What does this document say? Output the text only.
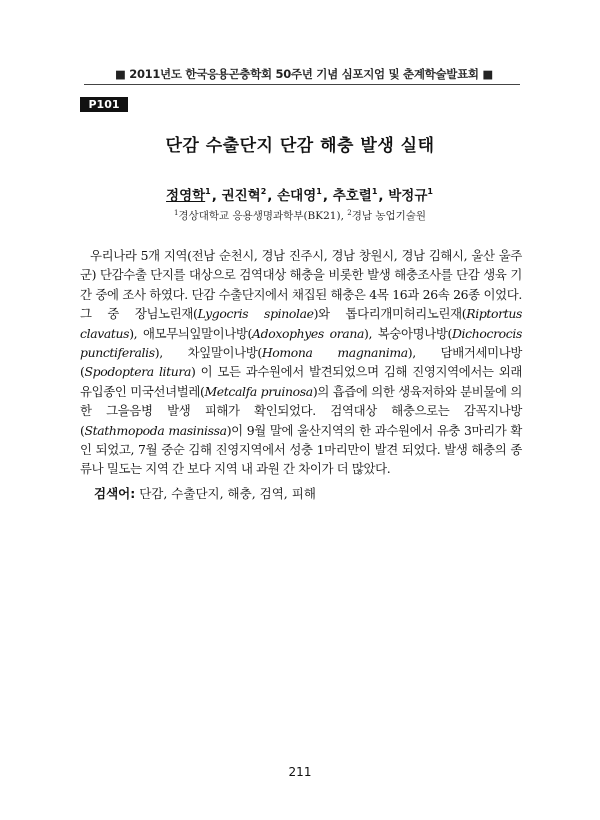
■ 2011년도 한국응용곤충학회 50주년 기념 심포지엄 및 춘계학술발표회 ■
P101
단감 수출단지 단감 해충 발생 실태
정영학$^1$, 권진혁$^2$, 손대영$^1$, 추호렬$^1$, 박정규$^1$
$^1$경상대학교 응용생명과학부(BK21), $^2$경남 농업기술원

우리나라 5개 지역(전남 순천시, 경남 진주시, 경남 창원시, 경남 김해시, 울산 울주군) 단감수출 단지를 대상으로 검역대상 해충을 비롯한 발생 해충조사를 단감 생육 기간 중에 조사 하였다. 단감 수출단지에서 채집된 해충은 4목 16과 26속 26종 이었다. 그 중 장님노린재(Lygocris spinolae)와 톱다리개미허리노린재(Riptortus clavatus), 애모무늬잎말이나방(Adoxophyes orana), 복숭아명나방(Dichocrocis punctiferalis), 차잎말이나방(Homona magnanima), 담배거세미나방(Spodoptera litura) 이 모든 과수원에서 발견되었으며 김해 진영지역에서는 외래 유입종인 미국선녀벌레(Metcalfa pruinosa)의 흡즙에 의한 생육저하와 분비물에 의한 그을음병 발생 피해가 확인되었다. 검역대상 해충으로는 감꼭지나방(Stathmopoda masinissa)이 9월 말에 울산지역의 한 과수원에서 유충 3마리가 확인 되었고, 7월 중순 김해 진영지역에서 성충 1마리만이 발견 되었다. 발생 해충의 종류나 밀도는 지역 간 보다 지역 내 과원 간 차이가 더 많았다.

검색어: 단감, 수출단지, 해충, 검역, 피해
211
